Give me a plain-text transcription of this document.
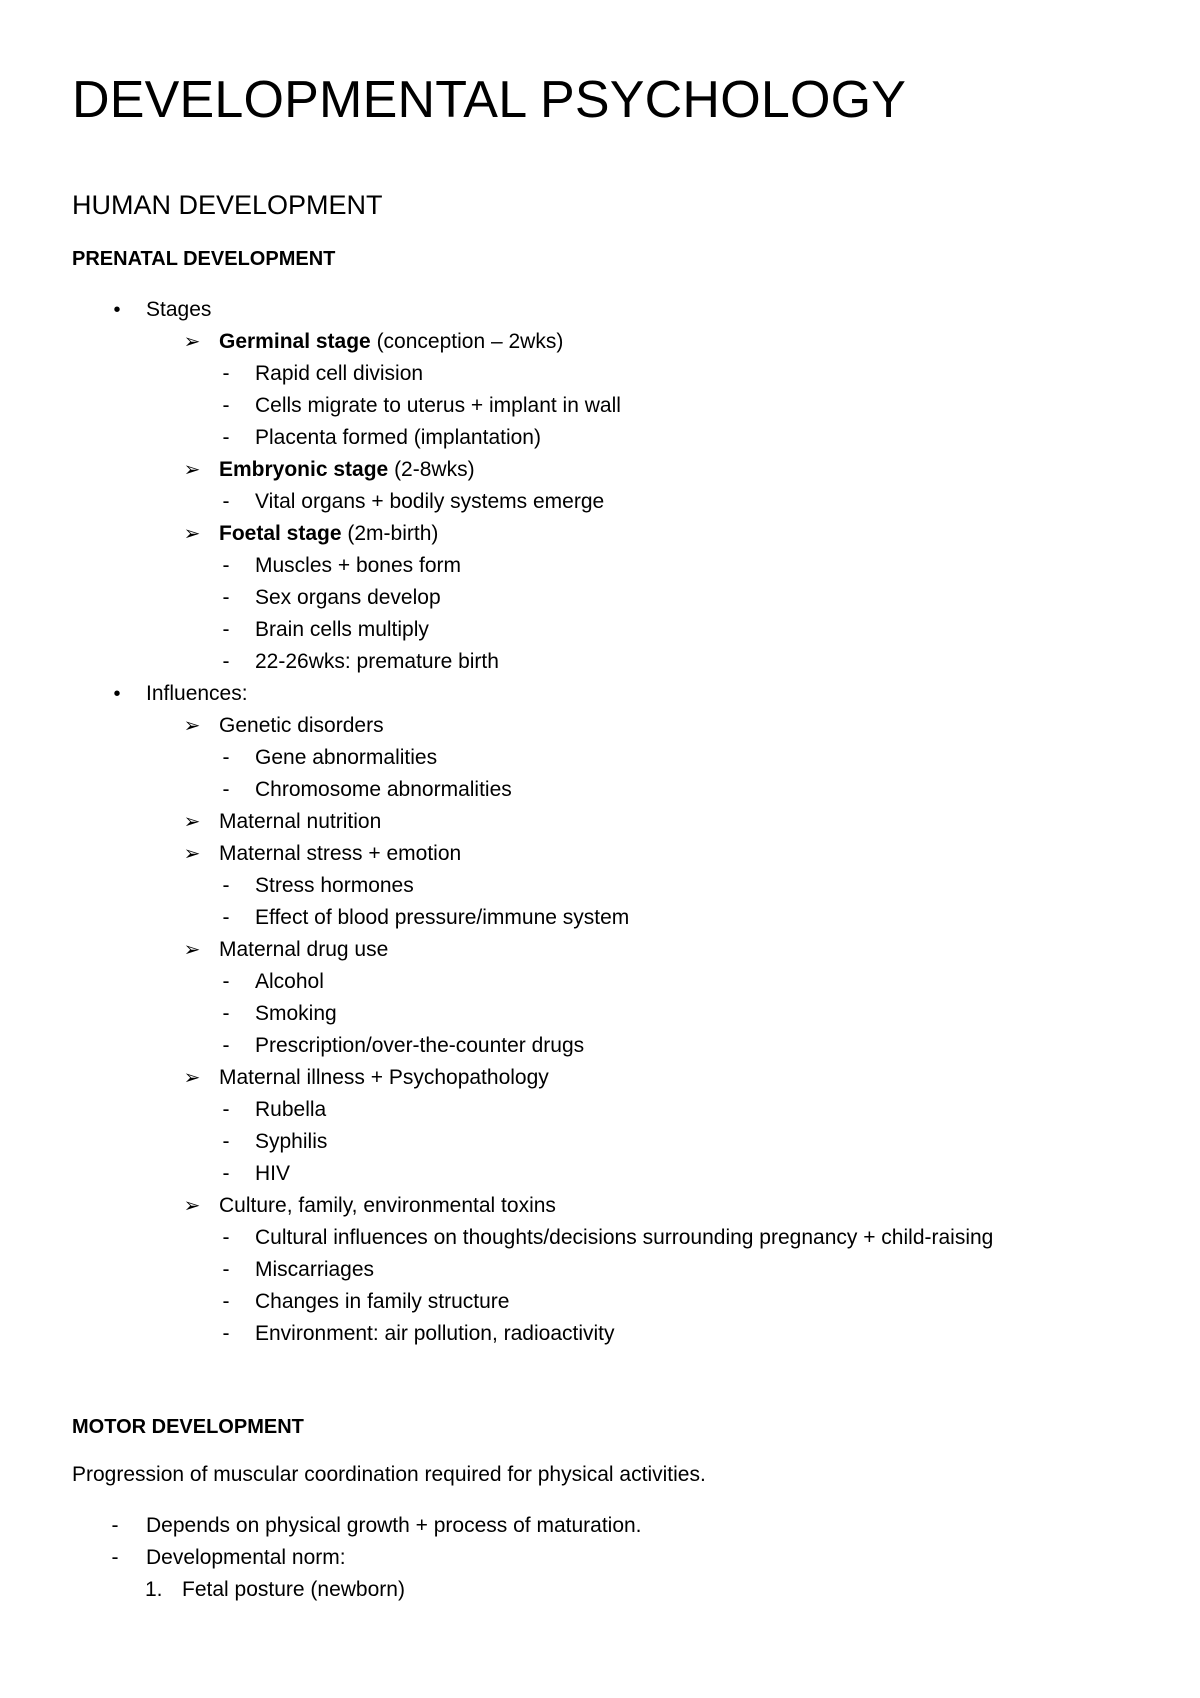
DEVELOPMENTAL PSYCHOLOGY
HUMAN DEVELOPMENT
PRENATAL DEVELOPMENT
•	Stages
➢ Germinal stage (conception – 2wks)
- Rapid cell division
- Cells migrate to uterus + implant in wall
- Placenta formed (implantation)
➢ Embryonic stage (2-8wks)
- Vital organs + bodily systems emerge
➢ Foetal stage (2m-birth)
- Muscles + bones form
- Sex organs develop
- Brain cells multiply
- 22-26wks: premature birth
•	Influences:
➢ Genetic disorders
- Gene abnormalities
- Chromosome abnormalities
➢ Maternal nutrition
➢ Maternal stress + emotion
- Stress hormones
- Effect of blood pressure/immune system
➢ Maternal drug use
- Alcohol
- Smoking
- Prescription/over-the-counter drugs
➢ Maternal illness + Psychopathology
- Rubella
- Syphilis
- HIV
➢ Culture, family, environmental toxins
- Cultural influences on thoughts/decisions surrounding pregnancy + child-raising
- Miscarriages
- Changes in family structure
- Environment: air pollution, radioactivity
MOTOR DEVELOPMENT
Progression of muscular coordination required for physical activities.
- Depends on physical growth + process of maturation.
- Developmental norm:
1. Fetal posture (newborn)
